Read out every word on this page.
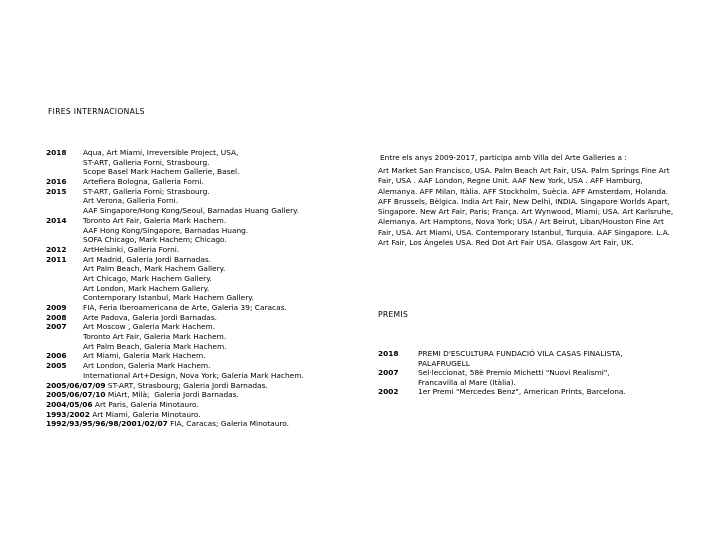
FIRES INTERNACIONALS
2018	Aqua, Art Miami, Irreversible Project, USA,
ST-ART, Galleria Forni, Strasbourg.
Scope Basel Mark Hachem Gallerie, Basel.
2016	Artefiera Bologna, Galleria Forni.
2015	ST-ART, Galleria Forni; Strasbourg.
Art Verona, Galleria Forni.
AAF Singapore/Hong Kong/Seoul, Barnadas Huang Gallery.
2014	Toronto Art Fair, Galeria Mark Hachem.
AAF Hong Kong/Singapore, Barnadas Huang.
SOFA Chicago, Mark Hachem; Chicago.
2012	ArtHelsinki, Galleria Forni.
2011	Art Madrid, Galeria Jordi Barnadas.
Art Palm Beach, Mark Hachem Gallery.
Art Chicago, Mark Hachem Gallery.
Art London, Mark Hachem Gallery.
Contemporary Istanbul, Mark Hachem Gallery.
2009	FIA, Feria Iberoamericana de Arte, Galeria 39; Caracas.
2008	Arte Padova, Galeria Jordi Barnadas.
2007	Art Moscow , Galeria Mark Hachem.
Toronto Art Fair, Galeria Mark Hachem.
Art Palm Beach, Galeria Mark Hachem.
2006	Art Miami, Galeria Mark Hachem.
2005	Art London, Galeria Mark Hachem.
International Art+Design, Nova York; Galeria Mark Hachem.
2005/06/07/09 ST-ART, Strasbourg; Galeria Jordi Barnadas.
2005/06/07/10 MiArt, Milà;  Galeria Jordi Barnadas.
2004/05/06 Art Paris, Galeria Minotauro.
1993/2002 Art Miami, Galeria Minotauro.
1992/93/95/96/98/2001/02/07 FIA, Caracas; Galeria Minotauro.
Entre els anys 2009-2017, participa amb Villa del Arte Galleries a :
Art Market San Francisco, USA. Palm Beach Art Fair, USA. Palm Springs Fine Art Fair, USA . AAF London, Regne Unit. AAF New York, USA . AFF Hamburg, Alemanya. AFF Milan, Itàlia. AFF Stockholm, Suècia. AFF Amsterdam, Holanda. AFF Brussels, Bèlgica. India Art Fair, New Delhi, INDIA. Singapore Worlds Apart, Singapore. New Art Fair, Paris; França. Art Wynwood, Miami; USA. Art Karlsruhe, Alemanya. Art Hamptons, Nova York; USA / Art Beirut, Liban/Houston Fine Art Fair, USA. Art Miami, USA. Contemporary Istanbul, Turquia. AAF Singapore. L.A. Art Fair, Los Ángeles USA. Red Dot Art Fair USA. Glasgow Art Fair, UK.
PREMIS
2018	PREMI D'ESCULTURA FUNDACIÓ VILA CASAS FINALISTA, PALAFRUGELL
2007	Sel·leccionat, 58è Premio Michetti "Nuovi Realismi", Francavilla al Mare (Itàlia).
2002	1er Premi "Mercedes Benz", American Prints, Barcelona.
